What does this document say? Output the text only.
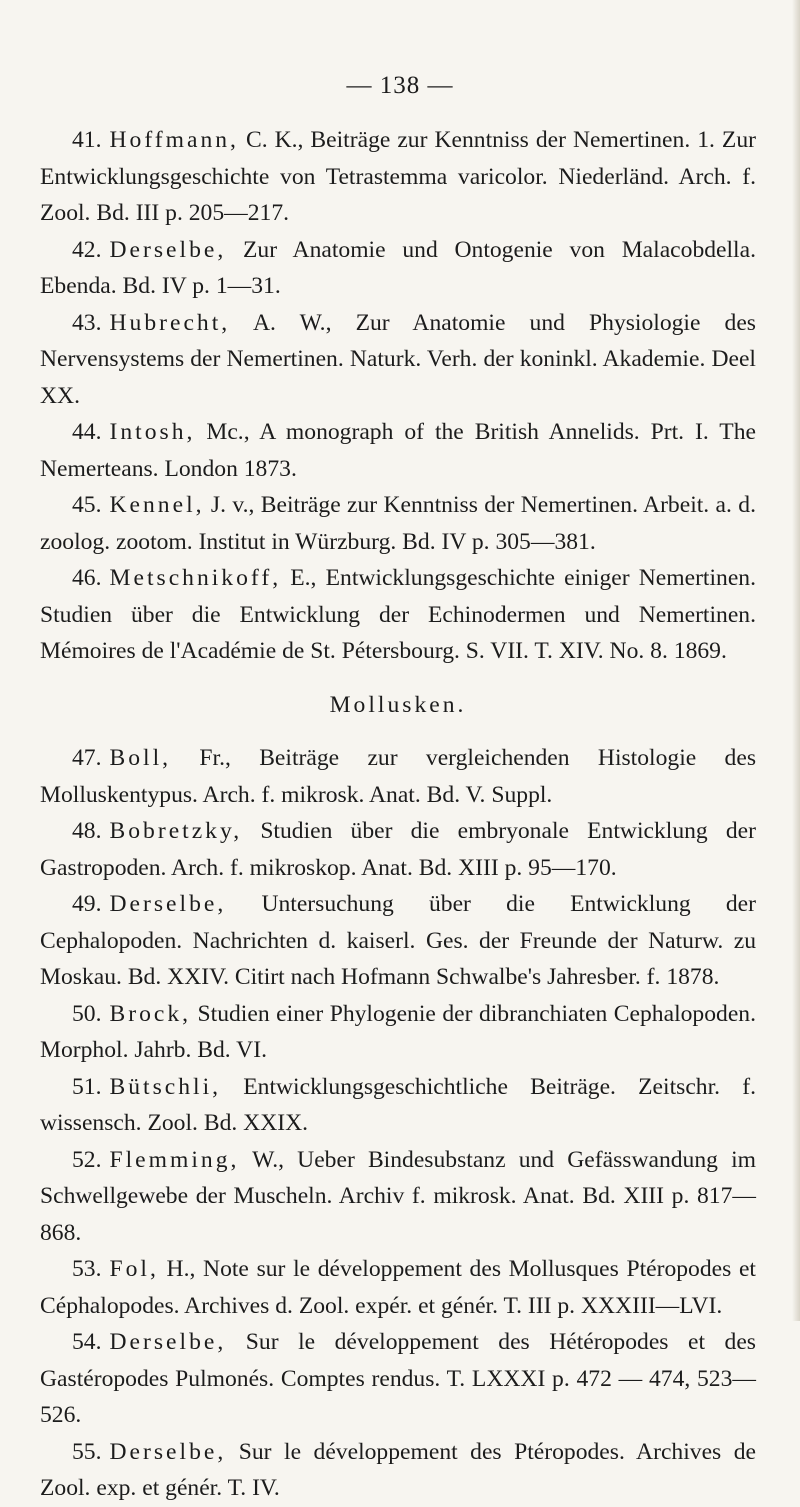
— 138 —

41. Hoffmann, C. K., Beiträge zur Kenntniss der Nemertinen. 1. Zur Entwicklungsgeschichte von Tetrastemma varicolor. Niederländ. Arch. f. Zool. Bd. III p. 205—217.

42. Derselbe, Zur Anatomie und Ontogenie von Malacobdella. Ebenda. Bd. IV p. 1—31.

43. Hubrecht, A. W., Zur Anatomie und Physiologie des Nervensystems der Nemertinen. Naturk. Verh. der koninkl. Akademie. Deel XX.

44. Intosh, Mc., A monograph of the British Annelids. Prt. I. The Nemerteans. London 1873.

45. Kennel, J. v., Beiträge zur Kenntniss der Nemertinen. Arbeit. a. d. zoolog. zootom. Institut in Würzburg. Bd. IV p. 305—381.

46. Metschnikoff, E., Entwicklungsgeschichte einiger Nemertinen. Studien über die Entwicklung der Echinodermen und Nemertinen. Mémoires de l'Académie de St. Pétersbourg. S. VII. T. XIV. No. 8. 1869.

Mollusken.

47. Boll, Fr., Beiträge zur vergleichenden Histologie des Molluskentypus. Arch. f. mikrosk. Anat. Bd. V. Suppl.

48. Bobretzky, Studien über die embryonale Entwicklung der Gastropoden. Arch. f. mikroskop. Anat. Bd. XIII p. 95—170.

49. Derselbe, Untersuchung über die Entwicklung der Cephalopoden. Nachrichten d. kaiserl. Ges. der Freunde der Naturw. zu Moskau. Bd. XXIV. Citirt nach Hofmann Schwalbe's Jahresber. f. 1878.

50. Brock, Studien einer Phylogenie der dibranchiaten Cephalopoden. Morphol. Jahrb. Bd. VI.

51. Bütschli, Entwicklungsgeschichtliche Beiträge. Zeitschr. f. wissensch. Zool. Bd. XXIX.

52. Flemming, W., Ueber Bindesubstanz und Gefässwandung im Schwellgewebe der Muscheln. Archiv f. mikrosk. Anat. Bd. XIII p. 817—868.

53. Fol, H., Note sur le développement des Mollusques Ptéropodes et Céphalopodes. Archives d. Zool. expér. et génér. T. III p. XXXIII—LVI.

54. Derselbe, Sur le développement des Hétéropodes et des Gastéropodes Pulmonés. Comptes rendus. T. LXXXI p. 472 — 474, 523—526.

55. Derselbe, Sur le développement des Ptéropodes. Archives de Zool. exp. et génér. T. IV.
